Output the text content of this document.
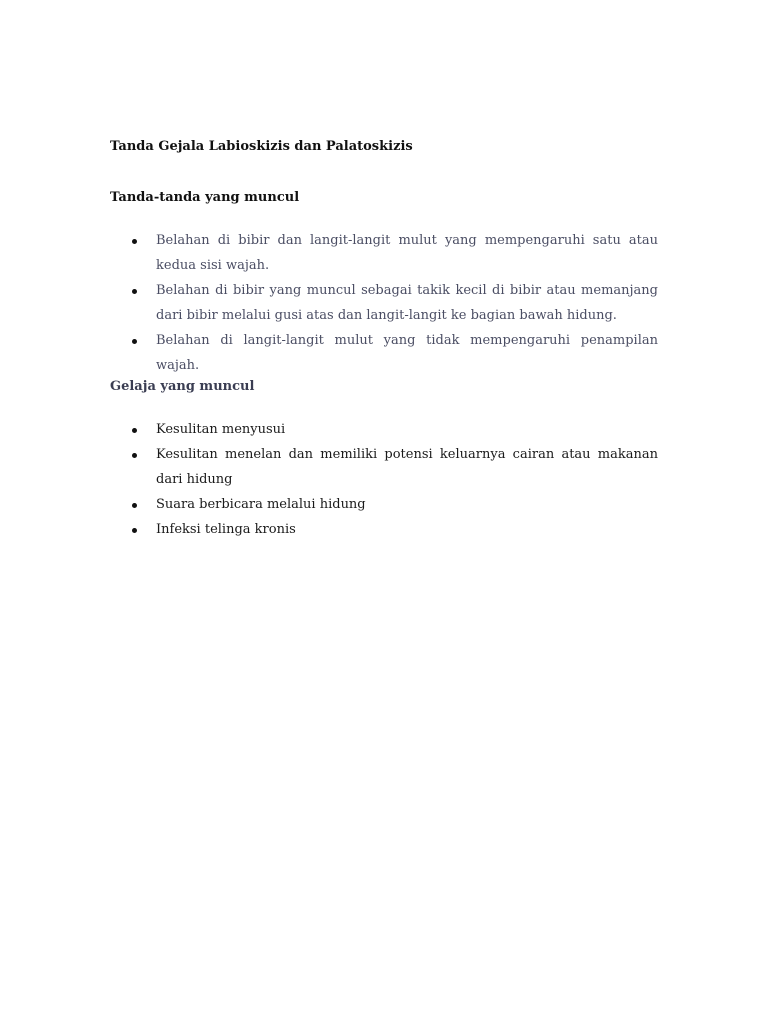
Tanda Gejala Labioskizis dan Palatoskizis

Tanda-tanda yang muncul

Belahan di bibir dan langit-langit mulut yang mempengaruhi satu atau kedua sisi wajah.
Belahan di bibir yang muncul sebagai takik kecil di bibir atau memanjang dari bibir melalui gusi atas dan langit-langit ke bagian bawah hidung.
Belahan di langit-langit mulut yang tidak mempengaruhi penampilan wajah.

Gelaja yang muncul

Kesulitan menyusui
Kesulitan menelan dan memiliki potensi keluarnya cairan atau makanan dari hidung
Suara berbicara melalui hidung
Infeksi telinga kronis
